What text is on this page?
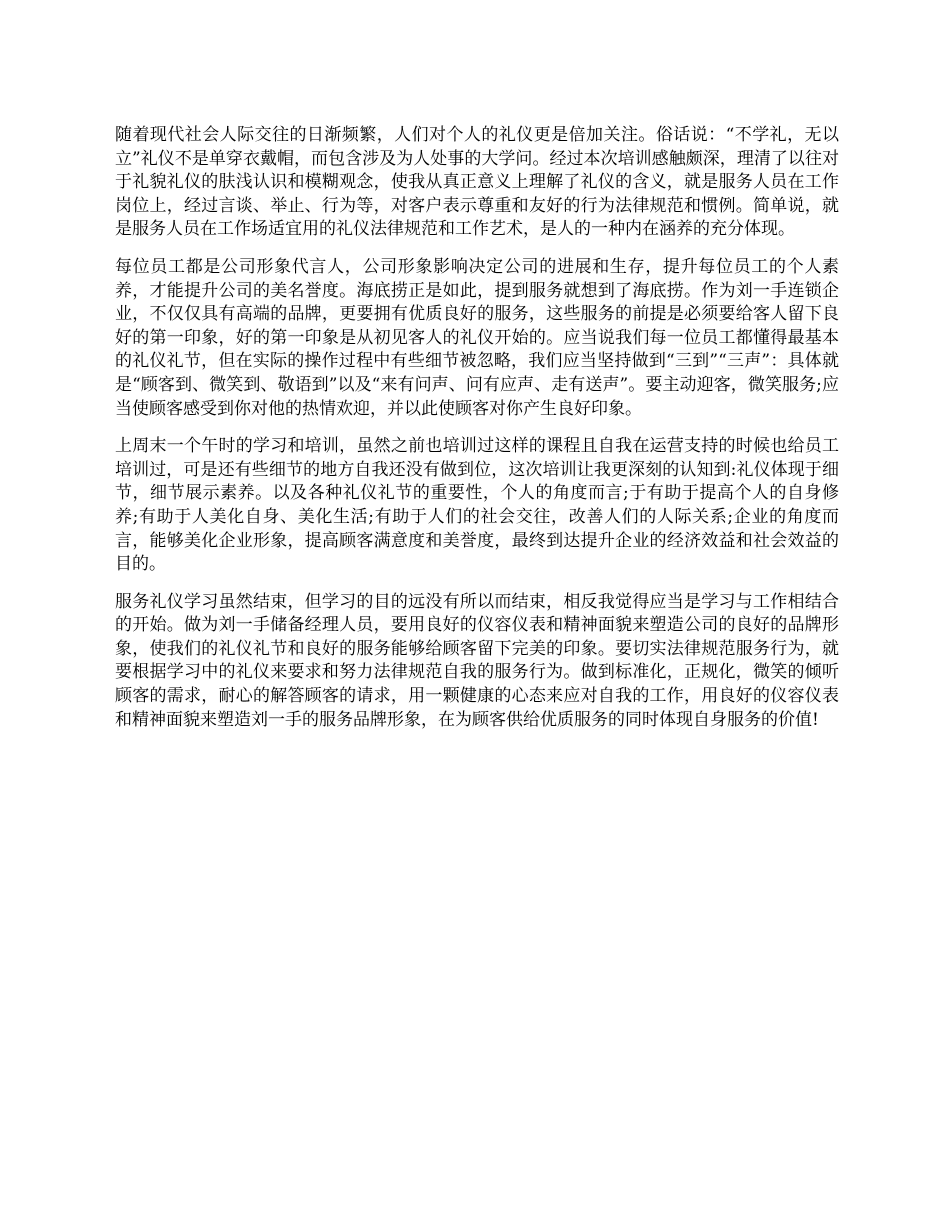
随着现代社会人际交往的日渐频繁，人们对个人的礼仪更是倍加关注。俗话说：“不学礼，无以立”礼仪不是单穿衣戴帽，而包含涉及为人处事的大学问。经过本次培训感触颇深，理清了以往对于礼貌礼仪的肤浅认识和模糊观念，使我从真正意义上理解了礼仪的含义，就是服务人员在工作岗位上，经过言谈、举止、行为等，对客户表示尊重和友好的行为法律规范和惯例。简单说，就是服务人员在工作场适宜用的礼仪法律规范和工作艺术，是人的一种内在涵养的充分体现。

每位员工都是公司形象代言人，公司形象影响决定公司的进展和生存，提升每位员工的个人素养，才能提升公司的美名誉度。海底捞正是如此，提到服务就想到了海底捞。作为刘一手连锁企业，不仅仅具有高端的品牌，更要拥有优质良好的服务，这些服务的前提是必须要给客人留下良好的第一印象，好的第一印象是从初见客人的礼仪开始的。应当说我们每一位员工都懂得最基本的礼仪礼节，但在实际的操作过程中有些细节被忽略，我们应当坚持做到“三到”“三声”：具体就是“顾客到、微笑到、敬语到”以及“来有问声、问有应声、走有送声”。要主动迎客，微笑服务;应当使顾客感受到你对他的热情欢迎，并以此使顾客对你产生良好印象。

上周末一个午时的学习和培训，虽然之前也培训过这样的课程且自我在运营支持的时候也给员工培训过，可是还有些细节的地方自我还没有做到位，这次培训让我更深刻的认知到:礼仪体现于细节，细节展示素养。以及各种礼仪礼节的重要性，个人的角度而言;于有助于提高个人的自身修养;有助于人美化自身、美化生活;有助于人们的社会交往，改善人们的人际关系;企业的角度而言，能够美化企业形象，提高顾客满意度和美誉度，最终到达提升企业的经济效益和社会效益的目的。

服务礼仪学习虽然结束，但学习的目的远没有所以而结束，相反我觉得应当是学习与工作相结合的开始。做为刘一手储备经理人员，要用良好的仪容仪表和精神面貌来塑造公司的良好的品牌形象，使我们的礼仪礼节和良好的服务能够给顾客留下完美的印象。要切实法律规范服务行为，就要根据学习中的礼仪来要求和努力法律规范自我的服务行为。做到标准化，正规化，微笑的倾听顾客的需求，耐心的解答顾客的请求，用一颗健康的心态来应对自我的工作，用良好的仪容仪表和精神面貌来塑造刘一手的服务品牌形象，在为顾客供给优质服务的同时体现自身服务的价值!
